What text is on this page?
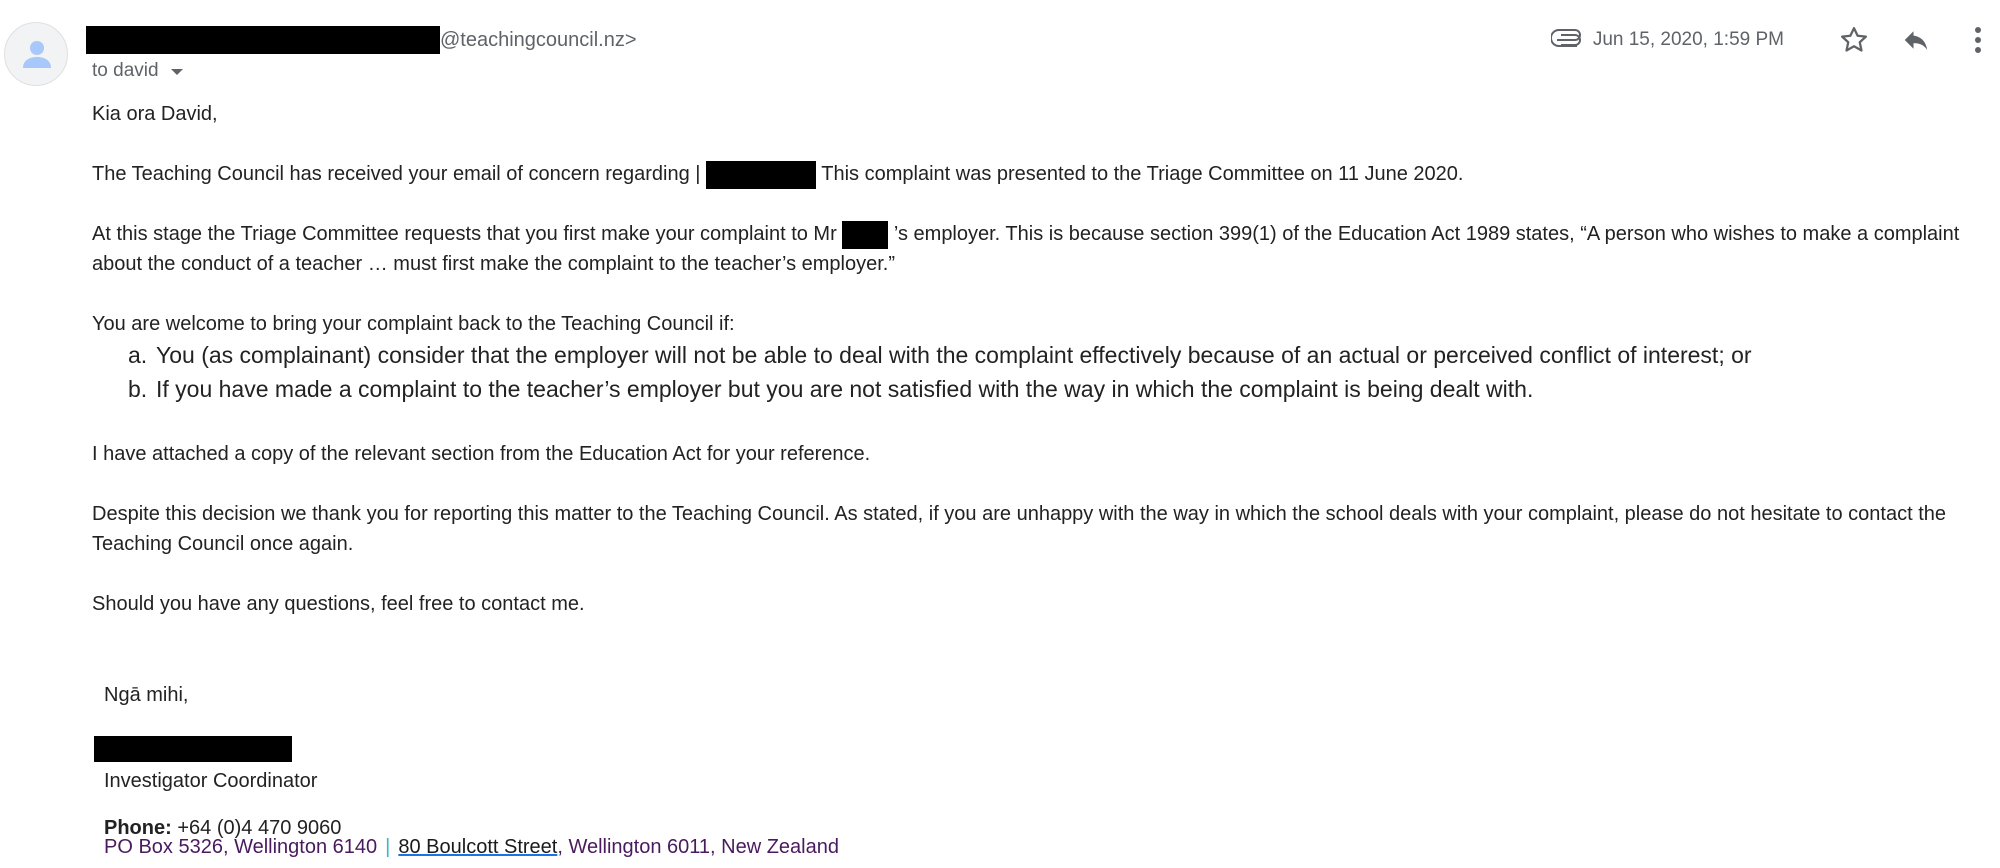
@teachingcouncil.nz>
to david
Jun 15, 2020, 1:59 PM
Kia ora David,
The Teaching Council has received your email of concern regarding |	This complaint was presented to the Triage Committee on 11 June 2020.
At this stage the Triage Committee requests that you first make your complaint to Mr	’s employer. This is because section 399(1) of the Education Act 1989 states, “A person who wishes to make a complaint
about the conduct of a teacher … must first make the complaint to the teacher’s employer.”
You are welcome to bring your complaint back to the Teaching Council if:
a. You (as complainant) consider that the employer will not be able to deal with the complaint effectively because of an actual or perceived conflict of interest; or
b. If you have made a complaint to the teacher’s employer but you are not satisfied with the way in which the complaint is being dealt with.
I have attached a copy of the relevant section from the Education Act for your reference.
Despite this decision we thank you for reporting this matter to the Teaching Council. As stated, if you are unhappy with the way in which the school deals with your complaint, please do not hesitate to contact the
Teaching Council once again.
Should you have any questions, feel free to contact me.
Ngā mihi,
Investigator Coordinator
Phone: +64 (0)4 470 9060
PO Box 5326, Wellington 6140 | 80 Boulcott Street, Wellington 6011, New Zealand
